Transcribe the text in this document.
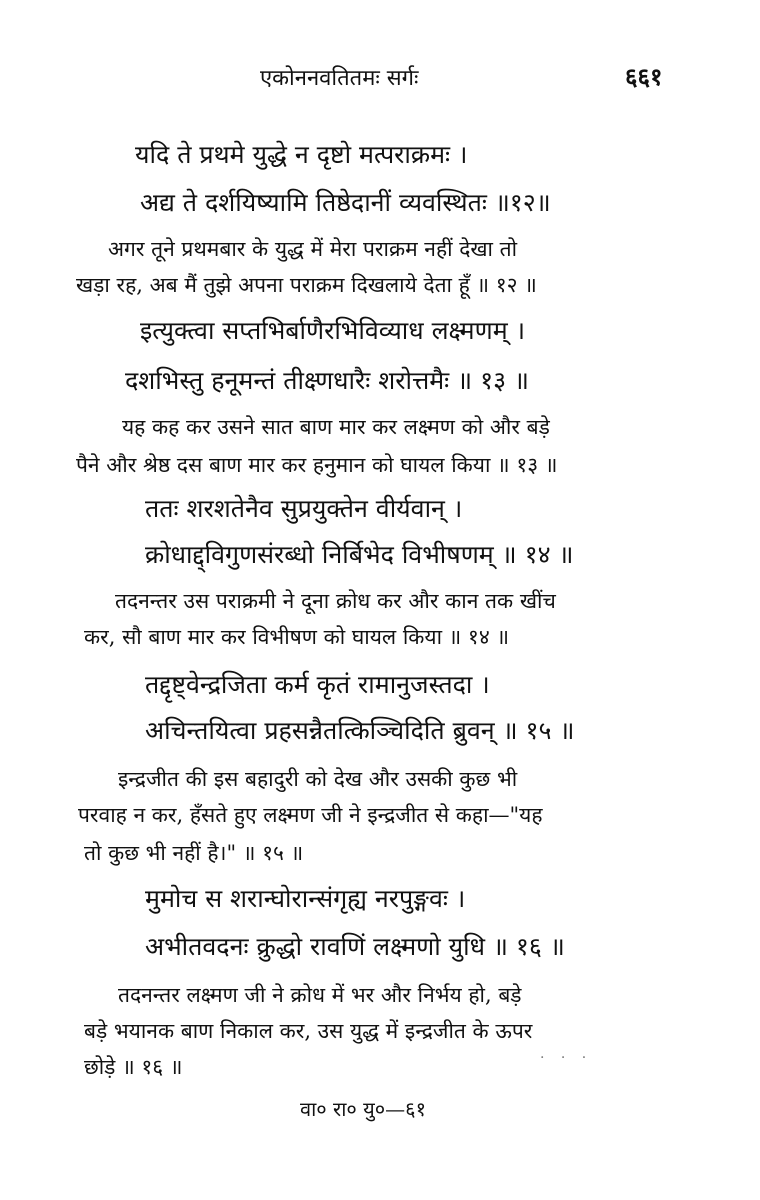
एकोननवतितमः सर्गः	६६१
यदि ते प्रथमे युद्धे न दृष्टो मत्पराक्रमः ।
अद्य ते दर्शयिष्यामि तिष्ठेदानीं व्यवस्थितः ॥१२॥
अगर तूने प्रथमबार के युद्ध में मेरा पराक्रम नहीं देखा तो
खड़ा रह, अब मैं तुझे अपना पराक्रम दिखलाये देता हूँ ॥ १२ ॥
इत्युक्त्वा सप्तभिर्बाणैरभिविव्याध लक्ष्मणम् ।
दशभिस्तु हनूमन्तं तीक्ष्णधारैः शरोत्तमैः ॥ १३ ॥
यह कह कर उसने सात बाण मार कर लक्ष्मण को और बड़े
पैने और श्रेष्ठ दस बाण मार कर हनुमान को घायल किया ॥ १३ ॥
ततः शरशतेनैव सुप्रयुक्तेन वीर्यवान् ।
क्रोधाद्द्विगुणसंरब्धो निर्बिभेद विभीषणम् ॥ १४ ॥
तदनन्तर उस पराक्रमी ने दूना क्रोध कर और कान तक खींच
कर, सौ बाण मार कर विभीषण को घायल किया ॥ १४ ॥
तद्दृष्ट्वेन्द्रजिता कर्म कृतं रामानुजस्तदा ।
अचिन्तयित्वा प्रहसन्नैतत्किञ्चिदिति ब्रुवन् ॥ १५ ॥
इन्द्रजीत की इस बहादुरी को देख और उसकी कुछ भी
परवाह न कर, हँसते हुए लक्ष्मण जी ने इन्द्रजीत से कहा—"यह
तो कुछ भी नहीं है।" ॥ १५ ॥
मुमोच स शरान्घोरान्संगृह्य नरपुङ्गवः ।
अभीतवदनः क्रुद्धो रावणिं लक्ष्मणो युधि ॥ १६ ॥
तदनन्तर लक्ष्मण जी ने क्रोध में भर और निर्भय हो, बड़े
बड़े भयानक बाण निकाल कर, उस युद्ध में इन्द्रजीत के ऊपर
छोड़े ॥ १६ ॥	· · ·
वा० रा० यु०—६१
